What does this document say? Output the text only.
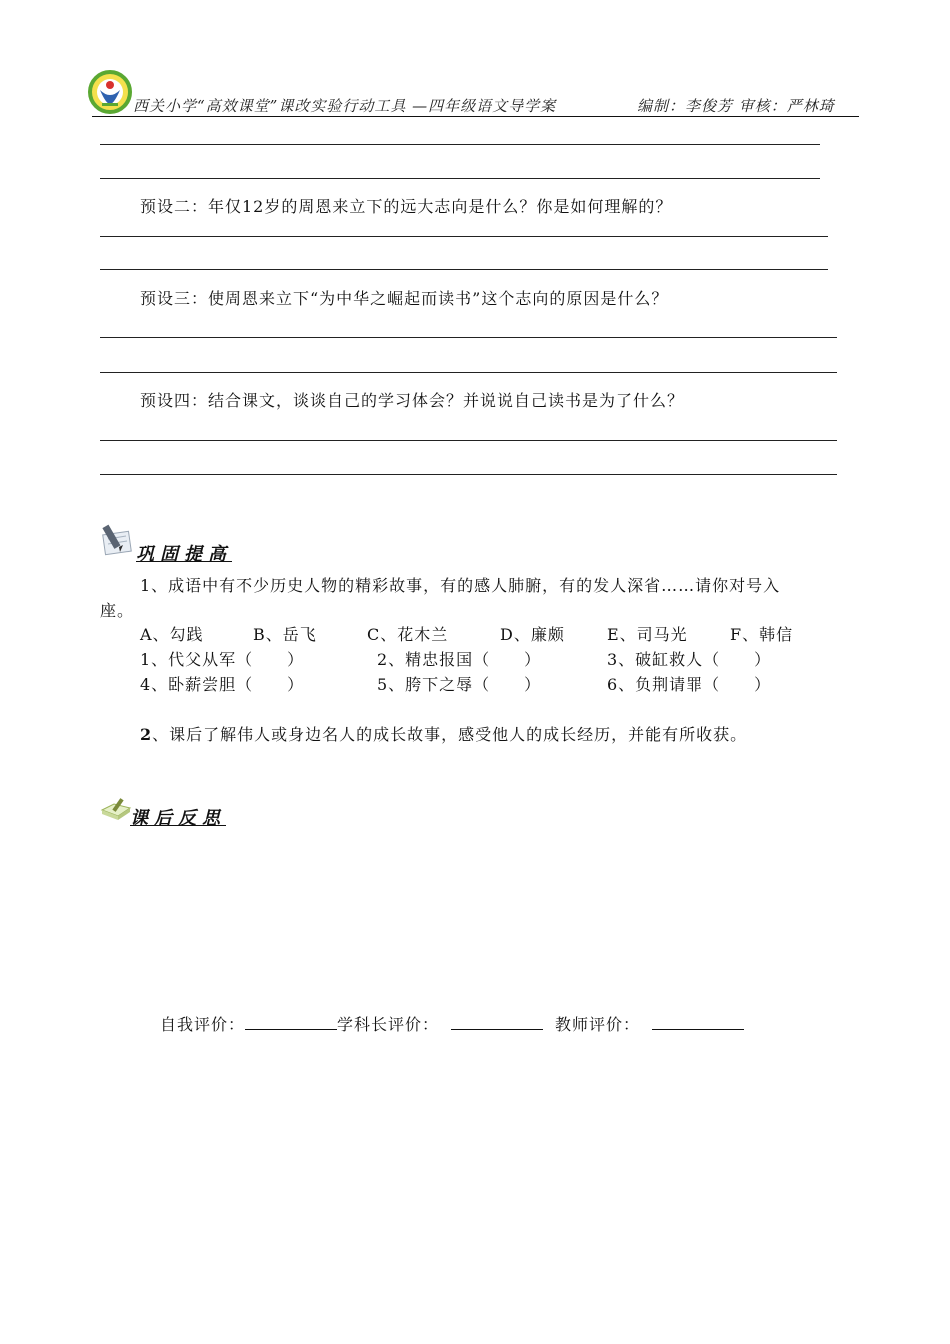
西关小学“高效课堂”课改实验行动工具 —四年级语文导学案	编制：李俊芳 审核：严林琦
预设二：年仅12岁的周恩来立下的远大志向是什么？你是如何理解的？
预设三：使周恩来立下“为中华之崛起而读书”这个志向的原因是什么？
预设四：结合课文，谈谈自己的学习体会？并说说自己读书是为了什么？
巩固提高
1、成语中有不少历史人物的精彩故事，有的感人肺腑，有的发人深省……请你对号入
座。
A、勾践	B、岳飞	C、花木兰	D、廉颇	E、司马光	F、韩信
1、代父从军（　　）	2、精忠报国（　　）	3、破缸救人（　　）
4、卧薪尝胆（　　）	5、胯下之辱（　　）	6、负荆请罪（　　）
2、课后了解伟人或身边名人的成长故事，感受他人的成长经历，并能有所收获。
课后反思
自我评价：	学科长评价：	教师评价：
